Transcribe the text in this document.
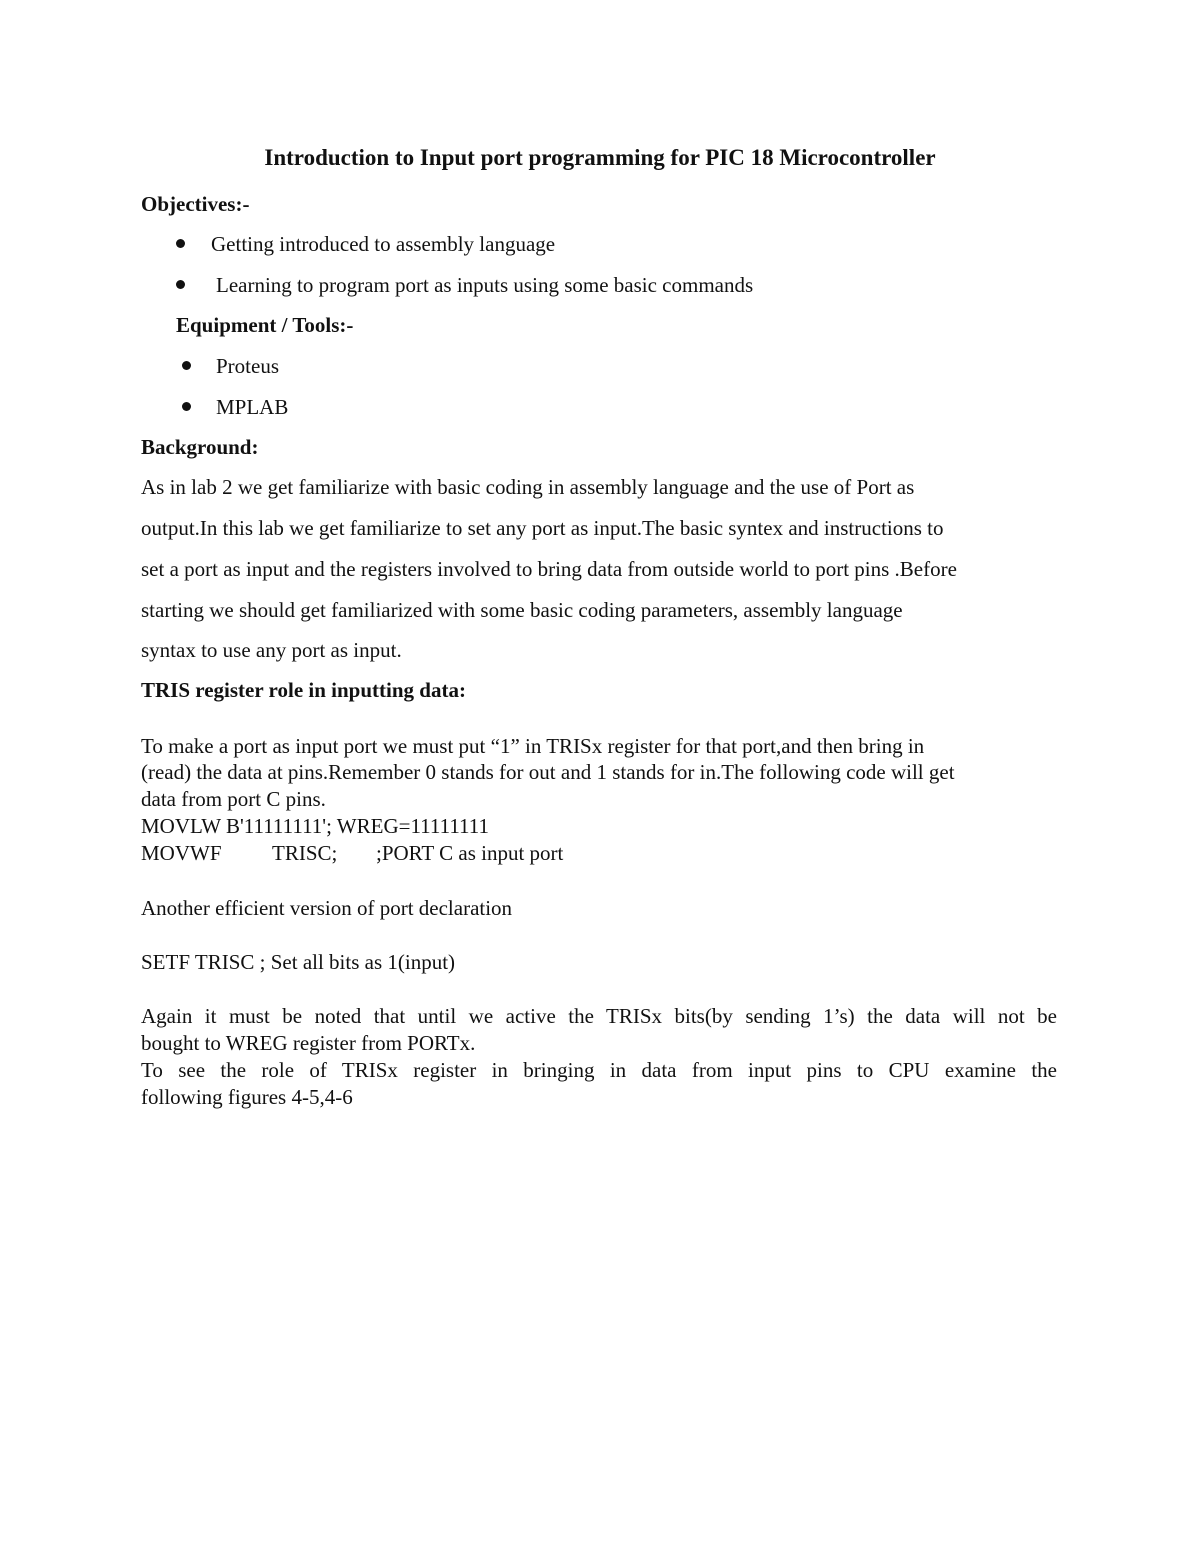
Introduction to Input port programming for PIC 18 Microcontroller
Objectives:-
Getting introduced to assembly language
Learning to program port as inputs using some basic commands
Equipment / Tools:-
Proteus
MPLAB
Background:
As in lab 2 we get familiarize with basic coding in assembly language and the use of Port as
output.In this lab we get familiarize to set any port as input.The basic syntex and instructions to
set a port as input and the registers involved to bring data from outside world to port pins .Before
starting we should get familiarized with some basic coding parameters, assembly language
syntax to use any port as input.
TRIS register role in inputting data:
To make a port as input port we must put “1” in TRISx register for that port,and then bring in
(read) the data at pins.Remember 0 stands for out and 1 stands for in.The following code will get
data from port C pins.
MOVLW B'11111111'; WREG=11111111
MOVWF TRISC; ;PORT C as input port
Another efficient version of port declaration
SETF TRISC ; Set all bits as 1(input)
Again it must be noted that until we active the TRISx bits(by sending 1’s) the data will not be
bought to WREG register from PORTx.
To see the role of TRISx register in bringing in data from input pins to CPU examine the
following figures 4-5,4-6
